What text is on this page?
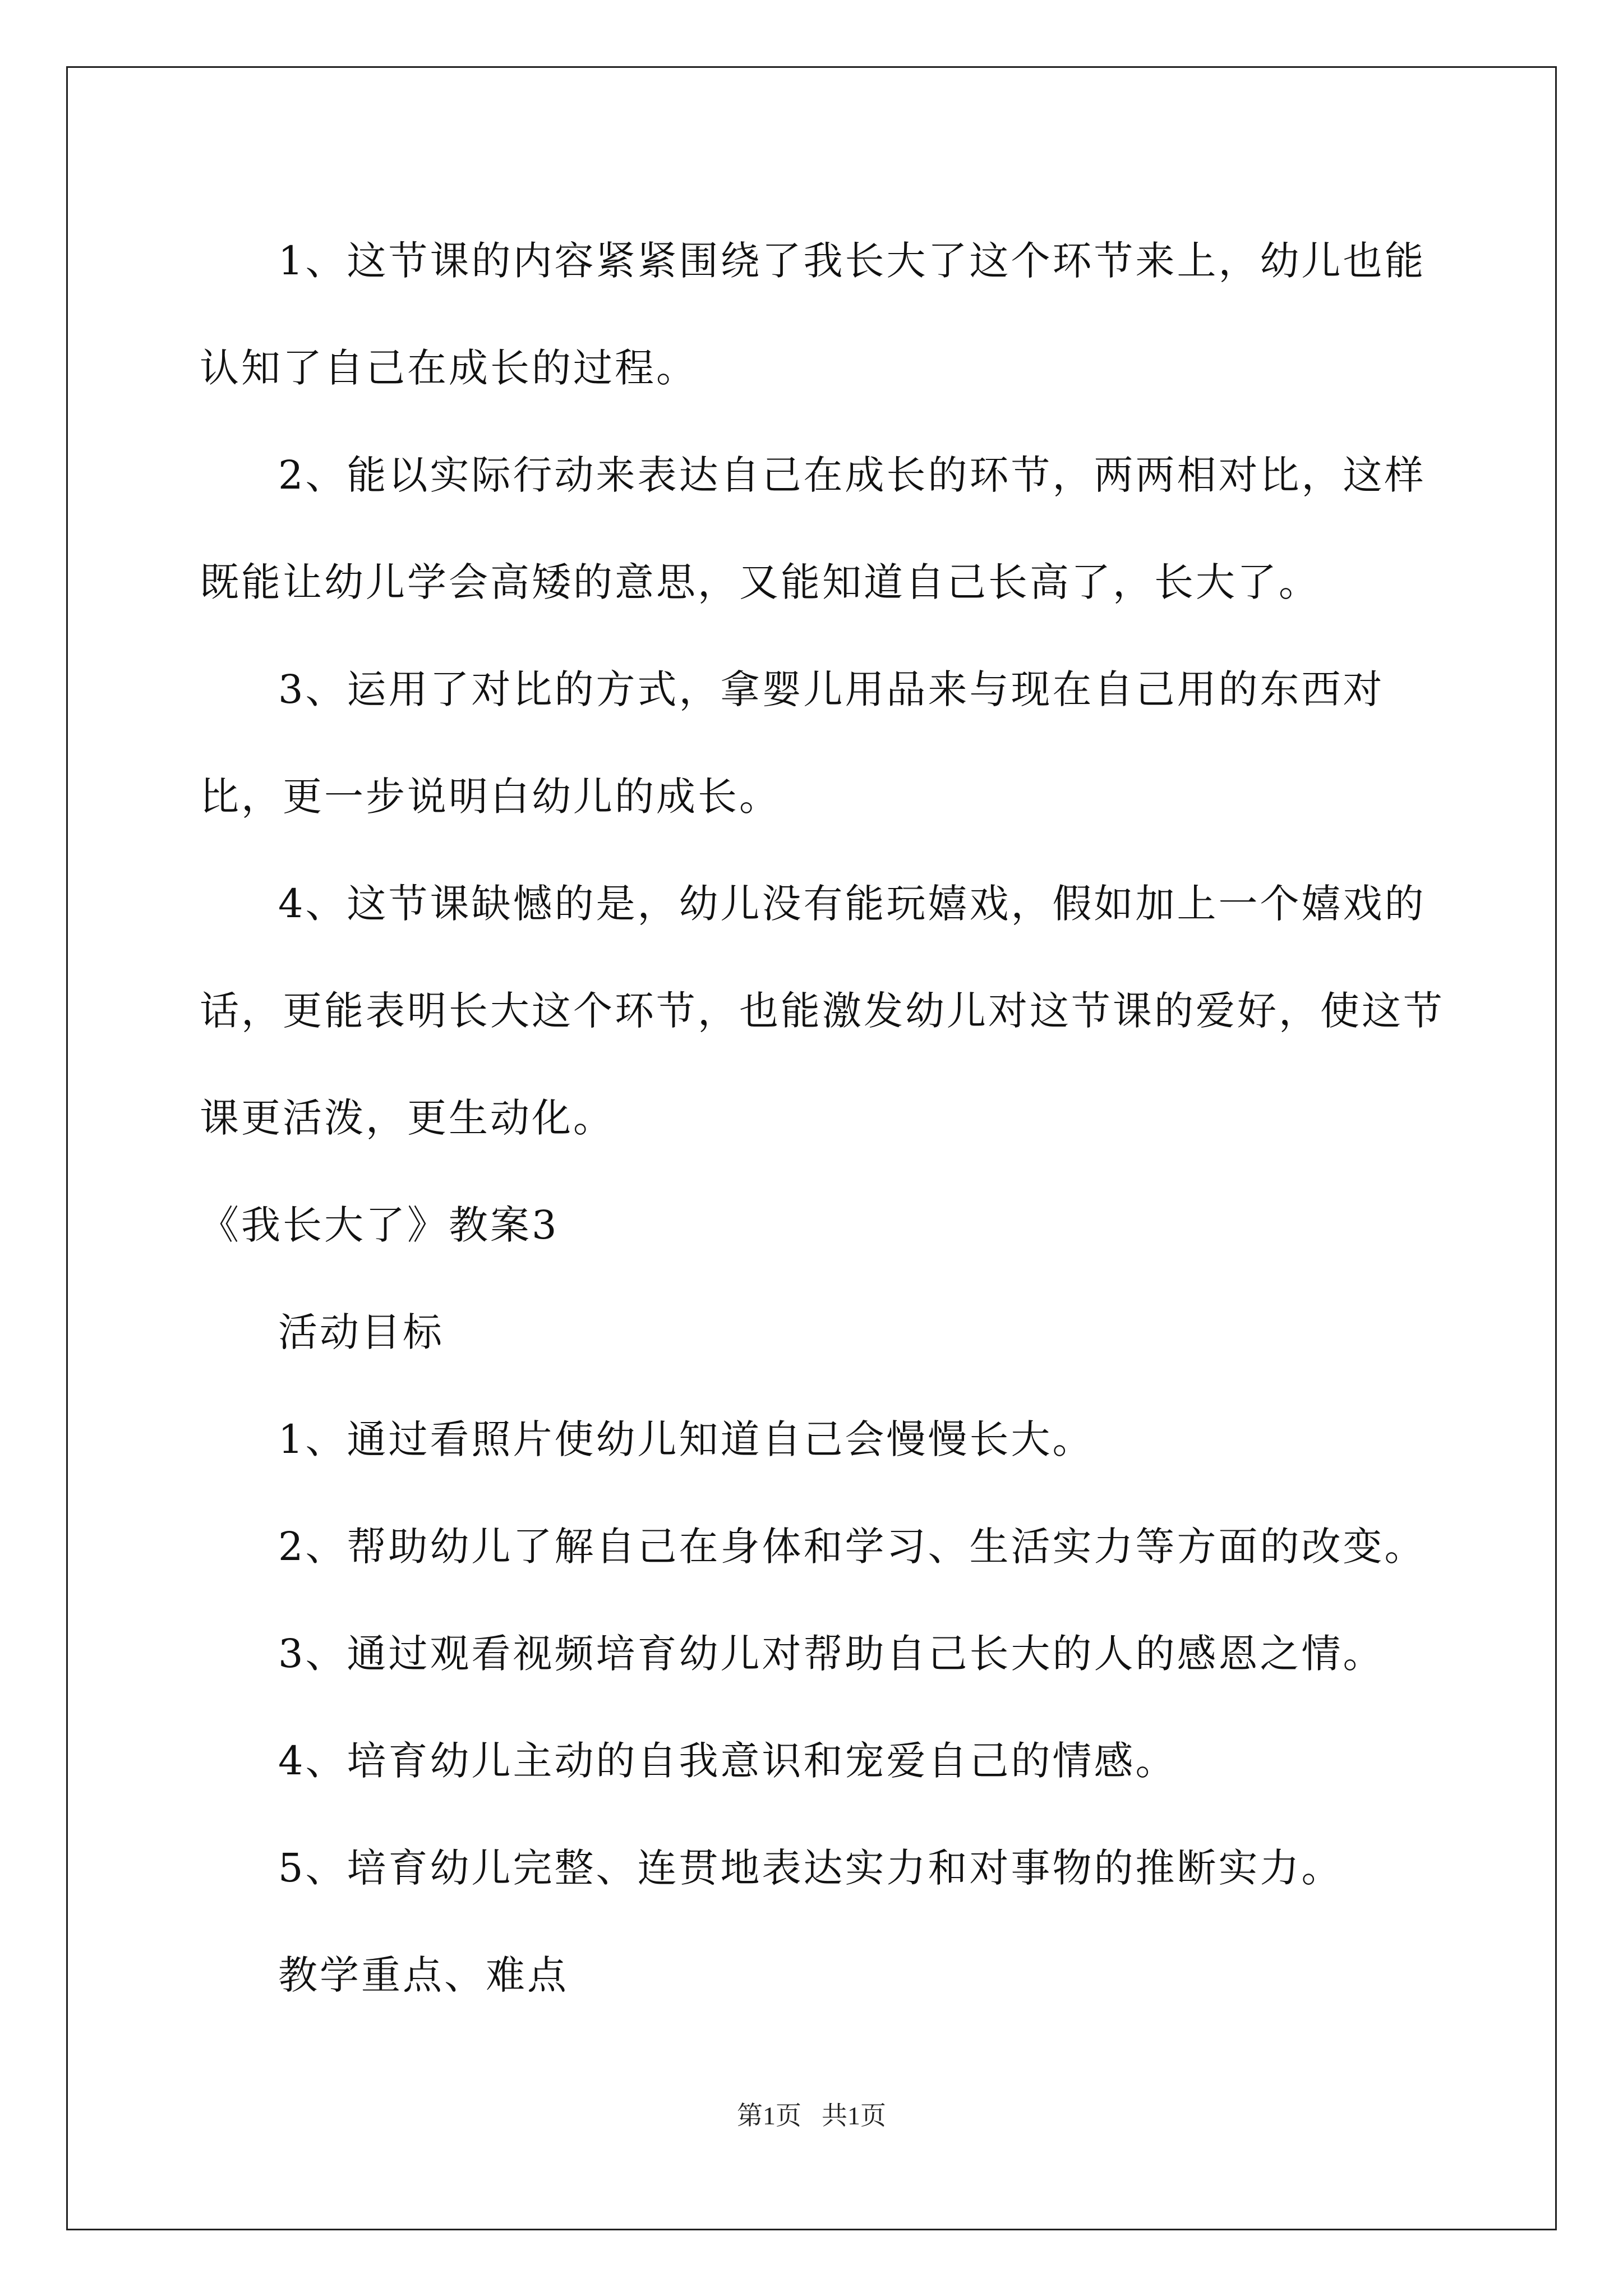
1、这节课的内容紧紧围绕了我长大了这个环节来上，幼儿也能认知了自己在成长的过程。

2、能以实际行动来表达自己在成长的环节，两两相对比，这样既能让幼儿学会高矮的意思，又能知道自己长高了，长大了。

3、运用了对比的方式，拿婴儿用品来与现在自己用的东西对比，更一步说明白幼儿的成长。

4、这节课缺憾的是，幼儿没有能玩嬉戏，假如加上一个嬉戏的话，更能表明长大这个环节，也能激发幼儿对这节课的爱好，使这节课更活泼，更生动化。

《我长大了》教案3

活动目标

1、通过看照片使幼儿知道自己会慢慢长大。

2、帮助幼儿了解自己在身体和学习、生活实力等方面的改变。

3、通过观看视频培育幼儿对帮助自己长大的人的感恩之情。

4、培育幼儿主动的自我意识和宠爱自己的情感。

5、培育幼儿完整、连贯地表达实力和对事物的推断实力。

教学重点、难点

第1页 共1页
